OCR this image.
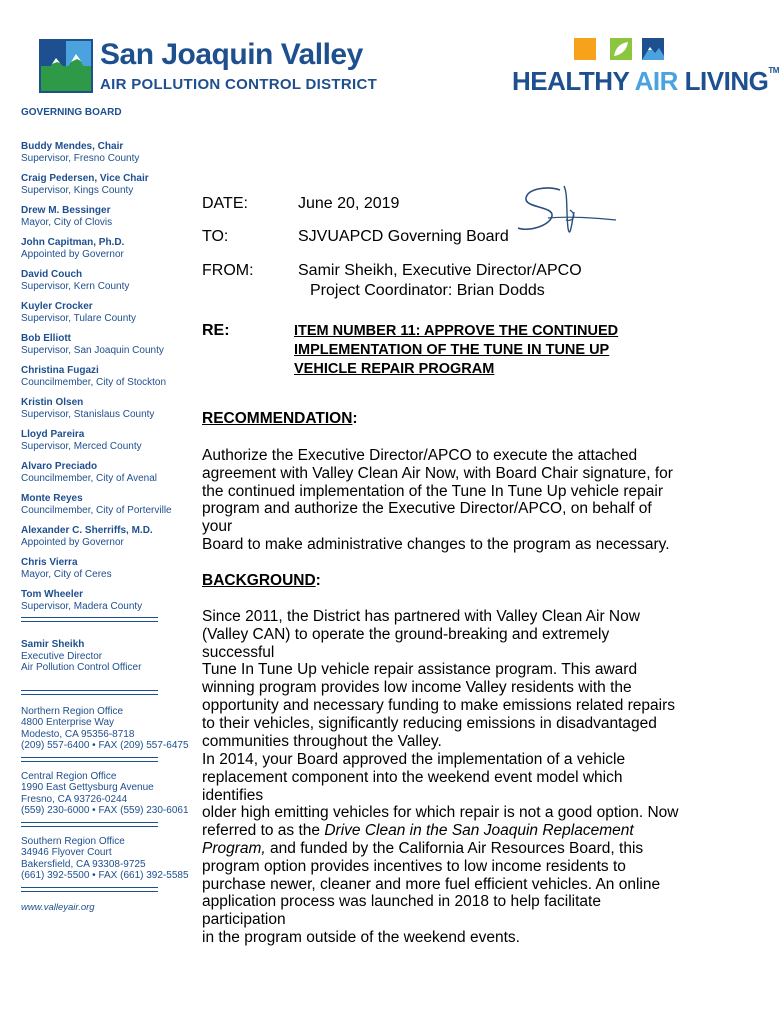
San Joaquin Valley
AIR POLLUTION CONTROL DISTRICT	HEALTHY AIR LIVING™
GOVERNING BOARD
Buddy Mendes, Chair
Supervisor, Fresno County
Craig Pedersen, Vice Chair
Supervisor, Kings County
Drew M. Bessinger
Mayor, City of Clovis
John Capitman, Ph.D.
Appointed by Governor
David Couch
Supervisor, Kern County
Kuyler Crocker
Supervisor, Tulare County
Bob Elliott
Supervisor, San Joaquin County
Christina Fugazi
Councilmember, City of Stockton
Kristin Olsen
Supervisor, Stanislaus County
Lloyd Pareira
Supervisor, Merced County
Alvaro Preciado
Councilmember, City of Avenal
Monte Reyes
Councilmember, City of Porterville
Alexander C. Sherriffs, M.D.
Appointed by Governor
Chris Vierra
Mayor, City of Ceres
Tom Wheeler
Supervisor, Madera County
Samir Sheikh
Executive Director
Air Pollution Control Officer
Northern Region Office
4800 Enterprise Way
Modesto, CA 95356-8718
(209) 557-6400 • FAX (209) 557-6475
Central Region Office
1990 East Gettysburg Avenue
Fresno, CA 93726-0244
(559) 230-6000 • FAX (559) 230-6061
Southern Region Office
34946 Flyover Court
Bakersfield, CA 93308-9725
(661) 392-5500 • FAX (661) 392-5585
www.valleyair.org
DATE:	June 20, 2019
TO:	SJVUAPCD Governing Board
FROM:	Samir Sheikh, Executive Director/APCO
Project Coordinator: Brian Dodds
RE:	ITEM NUMBER 11: APPROVE THE CONTINUED
IMPLEMENTATION OF THE TUNE IN TUNE UP
VEHICLE REPAIR PROGRAM
RECOMMENDATION:
Authorize the Executive Director/APCO to execute the attached
agreement with Valley Clean Air Now, with Board Chair signature, for
the continued implementation of the Tune In Tune Up vehicle repair
program and authorize the Executive Director/APCO, on behalf of your
Board to make administrative changes to the program as necessary.
BACKGROUND:
Since 2011, the District has partnered with Valley Clean Air Now
(Valley CAN) to operate the ground-breaking and extremely successful
Tune In Tune Up vehicle repair assistance program. This award
winning program provides low income Valley residents with the
opportunity and necessary funding to make emissions related repairs
to their vehicles, significantly reducing emissions in disadvantaged
communities throughout the Valley.
In 2014, your Board approved the implementation of a vehicle
replacement component into the weekend event model which identifies
older high emitting vehicles for which repair is not a good option. Now
referred to as the Drive Clean in the San Joaquin Replacement
Program, and funded by the California Air Resources Board, this
program option provides incentives to low income residents to
purchase newer, cleaner and more fuel efficient vehicles. An online
application process was launched in 2018 to help facilitate participation
in the program outside of the weekend events.
